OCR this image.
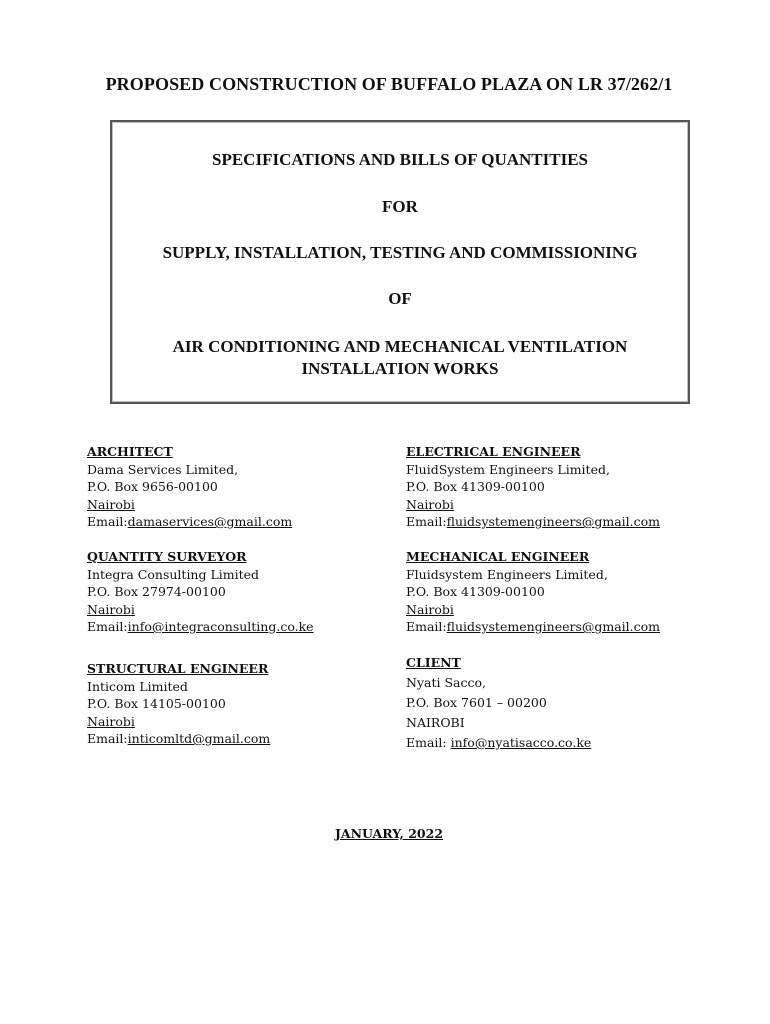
PROPOSED CONSTRUCTION OF BUFFALO PLAZA ON LR 37/262/1
SPECIFICATIONS AND BILLS OF QUANTITIES
FOR
SUPPLY, INSTALLATION, TESTING AND COMMISSIONING
OF
AIR CONDITIONING AND MECHANICAL VENTILATION
INSTALLATION WORKS
ARCHITECT
Dama Services Limited,
P.O. Box 9656-00100
Nairobi
Email:damaservices@gmail.com
ELECTRICAL ENGINEER
FluidSystem Engineers Limited,
P.O. Box 41309-00100
Nairobi
Email:fluidsystemengineers@gmail.com
QUANTITY SURVEYOR
Integra Consulting Limited
P.O. Box 27974-00100
Nairobi
Email:info@integraconsulting.co.ke
MECHANICAL ENGINEER
Fluidsystem Engineers Limited,
P.O. Box 41309-00100
Nairobi
Email:fluidsystemengineers@gmail.com
STRUCTURAL ENGINEER
Inticom Limited
P.O. Box 14105-00100
Nairobi
Email:inticomltd@gmail.com
CLIENT
Nyati Sacco,
P.O. Box 7601 – 00200
NAIROBI
Email: info@nyatisacco.co.ke
JANUARY, 2022
